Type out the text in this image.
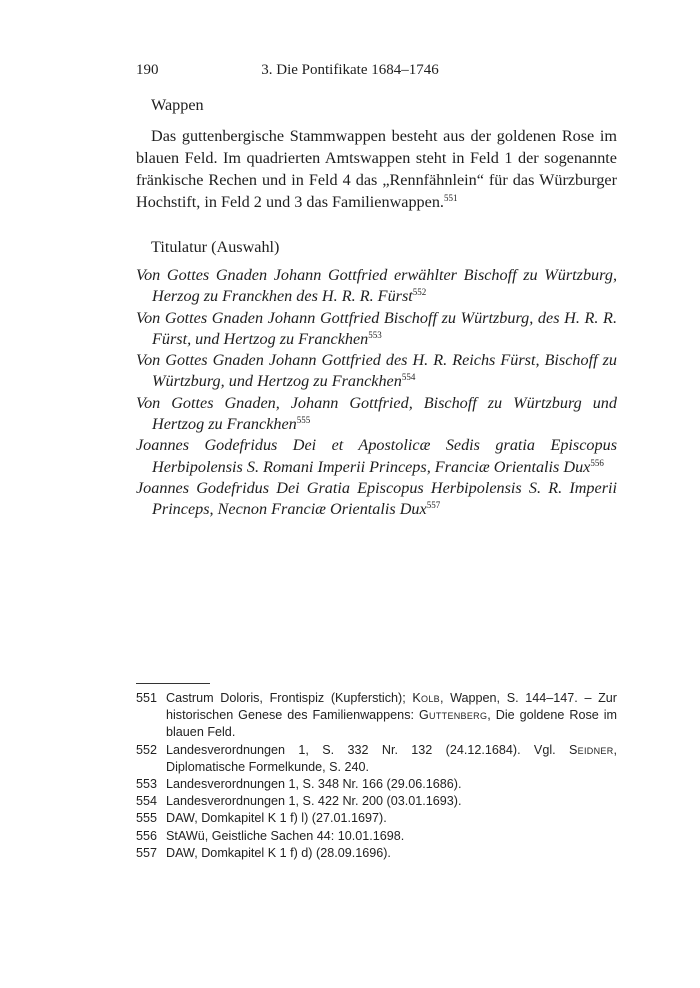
190	3. Die Pontifikate 1684–1746
Wappen

Das guttenbergische Stammwappen besteht aus der goldenen Rose im blauen Feld. Im quadrierten Amtswappen steht in Feld 1 der sogenannte fränkische Rechen und in Feld 4 das „Rennfähnlein“ für das Würzburger Hochstift, in Feld 2 und 3 das Familienwappen.$^{551}$

Titulatur (Auswahl)
Von Gottes Gnaden Johann Gottfried erwählter Bischoff zu Würtzburg, Herzog zu Franckhen des H. R. R. Fürst$^{552}$
Von Gottes Gnaden Johann Gottfried Bischoff zu Würtzburg, des H. R. R. Fürst, und Hertzog zu Franckhen$^{553}$
Von Gottes Gnaden Johann Gottfried des H. R. Reichs Fürst, Bischoff zu Würtzburg, und Hertzog zu Franckhen$^{554}$
Von Gottes Gnaden, Johann Gottfried, Bischoff zu Würtzburg und Hertzog zu Franckhen$^{555}$
Joannes Godefridus Dei et Apostolicæ Sedis gratia Episcopus Herbipolensis S. Romani Imperii Princeps, Franciæ Orientalis Dux$^{556}$
Joannes Godefridus Dei Gratia Episcopus Herbipolensis S. R. Imperii Princeps, Necnon Franciæ Orientalis Dux$^{557}$
551 Castrum Doloris, Frontispiz (Kupferstich); Kolb, Wappen, S. 144–147. – Zur historischen Genese des Familienwappens: Guttenberg, Die goldene Rose im blauen Feld.
552 Landesverordnungen 1, S. 332 Nr. 132 (24.12.1684). Vgl. Seidner, Diplomatische Formelkunde, S. 240.
553 Landesverordnungen 1, S. 348 Nr. 166 (29.06.1686).
554 Landesverordnungen 1, S. 422 Nr. 200 (03.01.1693).
555 DAW, Domkapitel K 1 f) l) (27.01.1697).
556 StAWü, Geistliche Sachen 44: 10.01.1698.
557 DAW, Domkapitel K 1 f) d) (28.09.1696).
